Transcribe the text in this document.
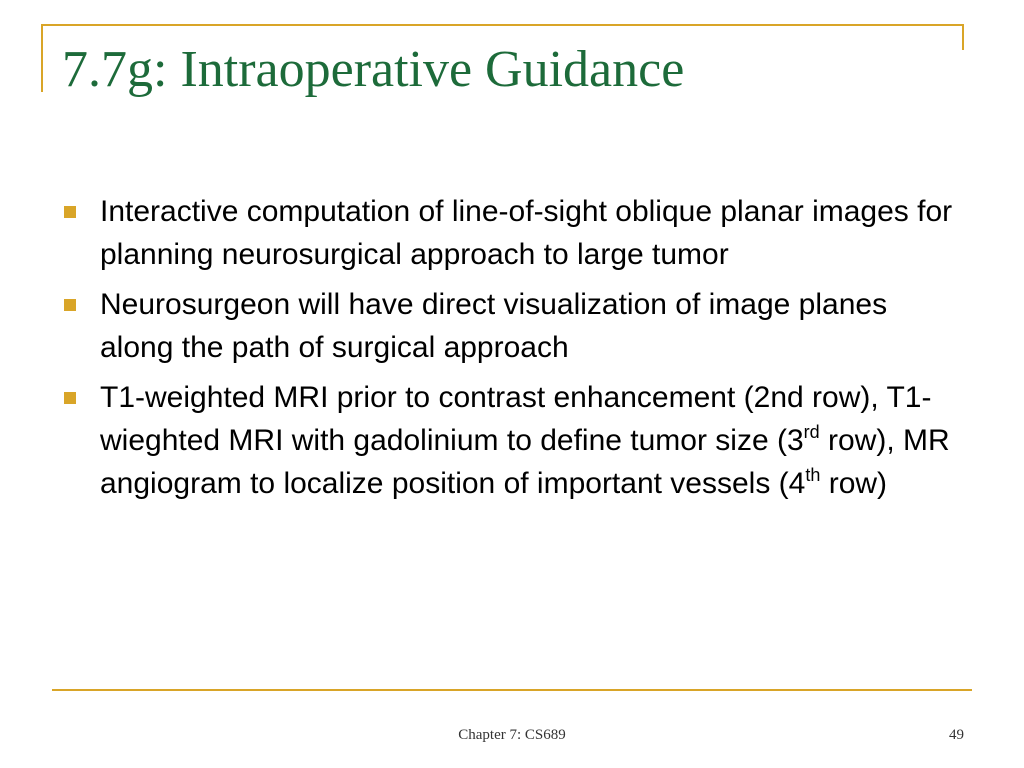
7.7g: Intraoperative Guidance
Interactive computation of line-of-sight oblique planar images for planning neurosurgical approach to large tumor
Neurosurgeon will have direct visualization of image planes along the path of surgical approach
T1-weighted MRI prior to contrast enhancement (2nd row), T1-wieghted MRI with gadolinium to define tumor size (3rd row), MR angiogram to localize position of important vessels (4th row)
Chapter 7: CS689	49
